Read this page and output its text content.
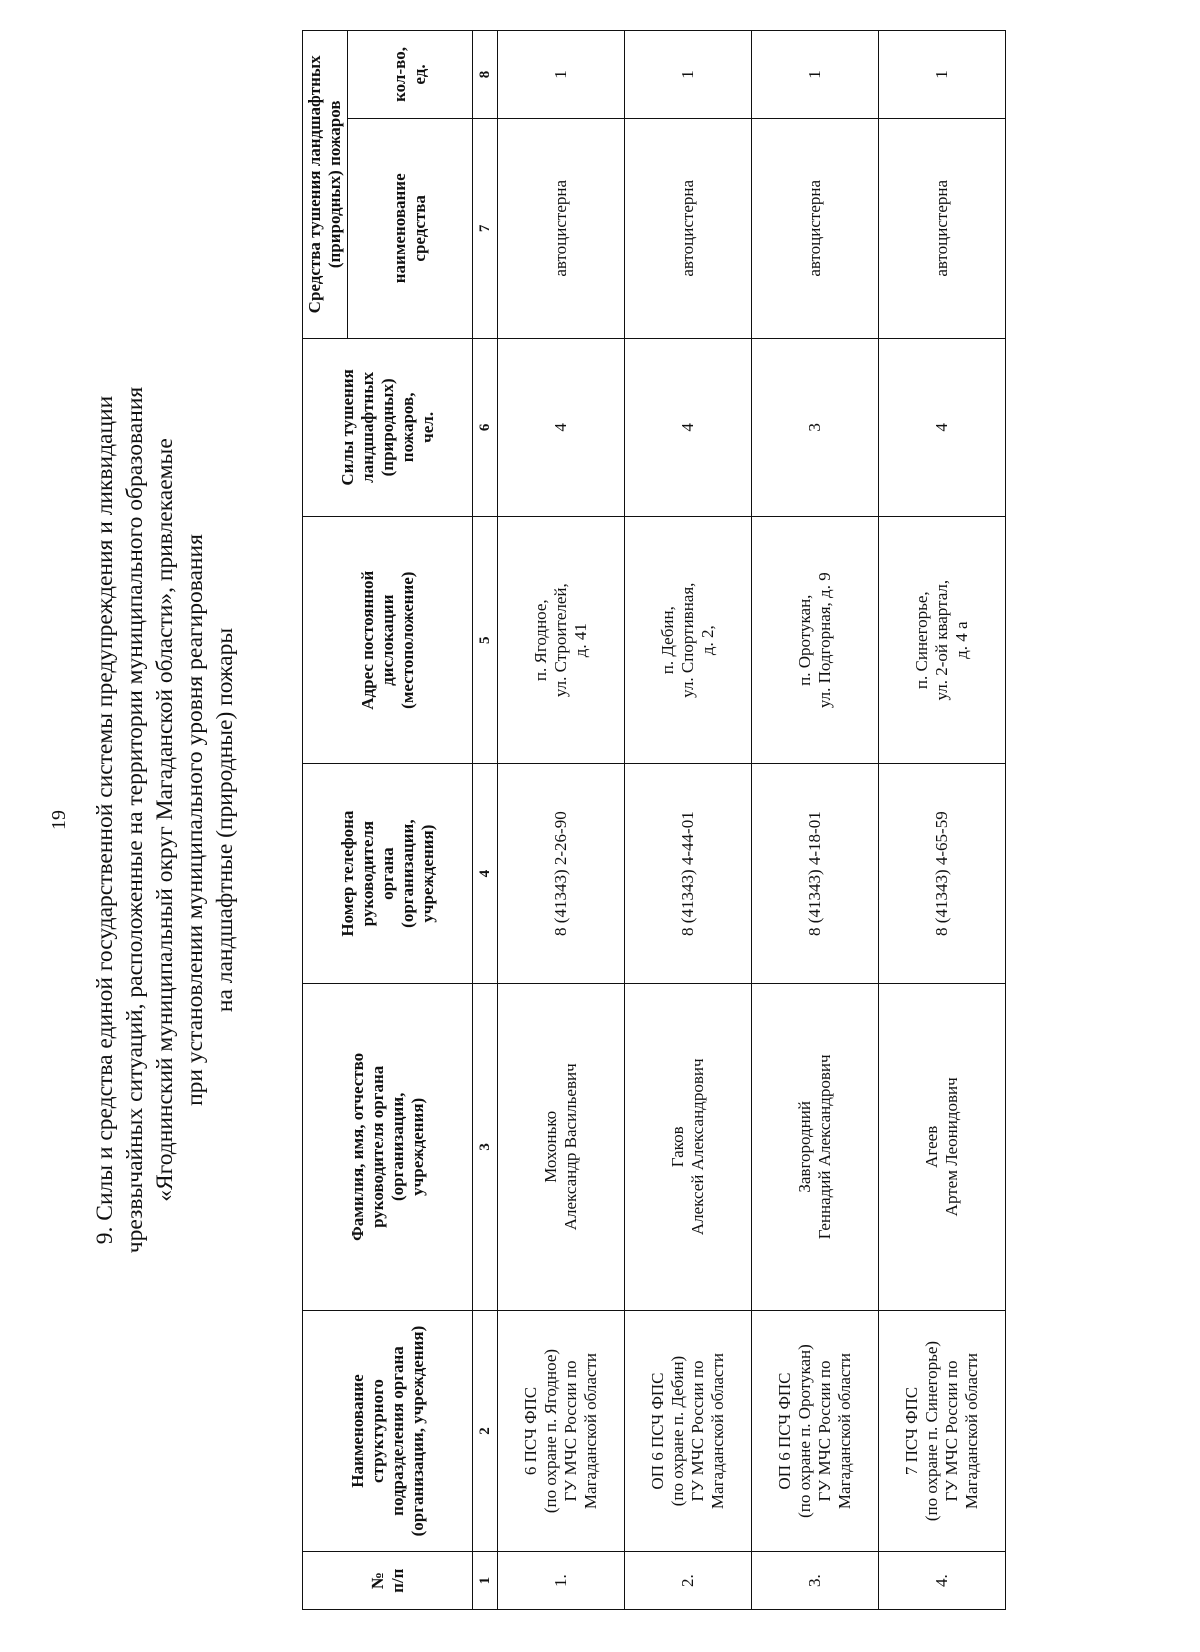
19 9. Силы и средства единой государственной системы предупреждения и ликвидации чрезвычайных ситуаций, расположенные на территории муниципального образования «Ягоднинский муниципальный округ Магаданской области», привлекаемые при установлении муниципального уровня реагирования на ландшафтные (природные) пожары
№ п/п	Наименование структурного подразделения органа (организации, учреждения)	Фамилия, имя, отчество руководителя органа (организации, учреждения)	Номер телефона руководителя органа (организации, учреждения)	Адрес постоянной дислокации (местоположение)	Силы тушения ландшафтных (природных) пожаров, чел.	Средства тушения ландшафтных (природных) пожаров	

						наименование средства	кол-во, ед.

1	2	3	4	5	6	7	8
1.	6 ПСЧ ФПС (по охране п. Ягодное) ГУ МЧС России по Магаданской области	Мохонько Александр Васильевич	8 (41343) 2-26-90	п. Ягодное, ул. Строителей, д. 41	4	автоцистерна	1
2.	ОП 6 ПСЧ ФПС (по охране п. Дебин) ГУ МЧС России по Магаданской области	Гаков Алексей Александрович	8 (41343) 4-44-01	п. Дебин, ул. Спортивная, д. 2,	4	автоцистерна	1
3.	ОП 6 ПСЧ ФПС (по охране п. Оротукан) ГУ МЧС России по Магаданской области	Завгородний Геннадий Александрович	8 (41343) 4-18-01	п. Оротукан, ул. Подгорная, д. 9	3	автоцистерна	1
4.	7 ПСЧ ФПС (по охране п. Синегорье) ГУ МЧС России по Магаданской области	Агеев Артем Леонидович	8 (41343) 4-65-59	п. Синегорье, ул. 2-ой квартал, д. 4 а	4	автоцистерна	1
